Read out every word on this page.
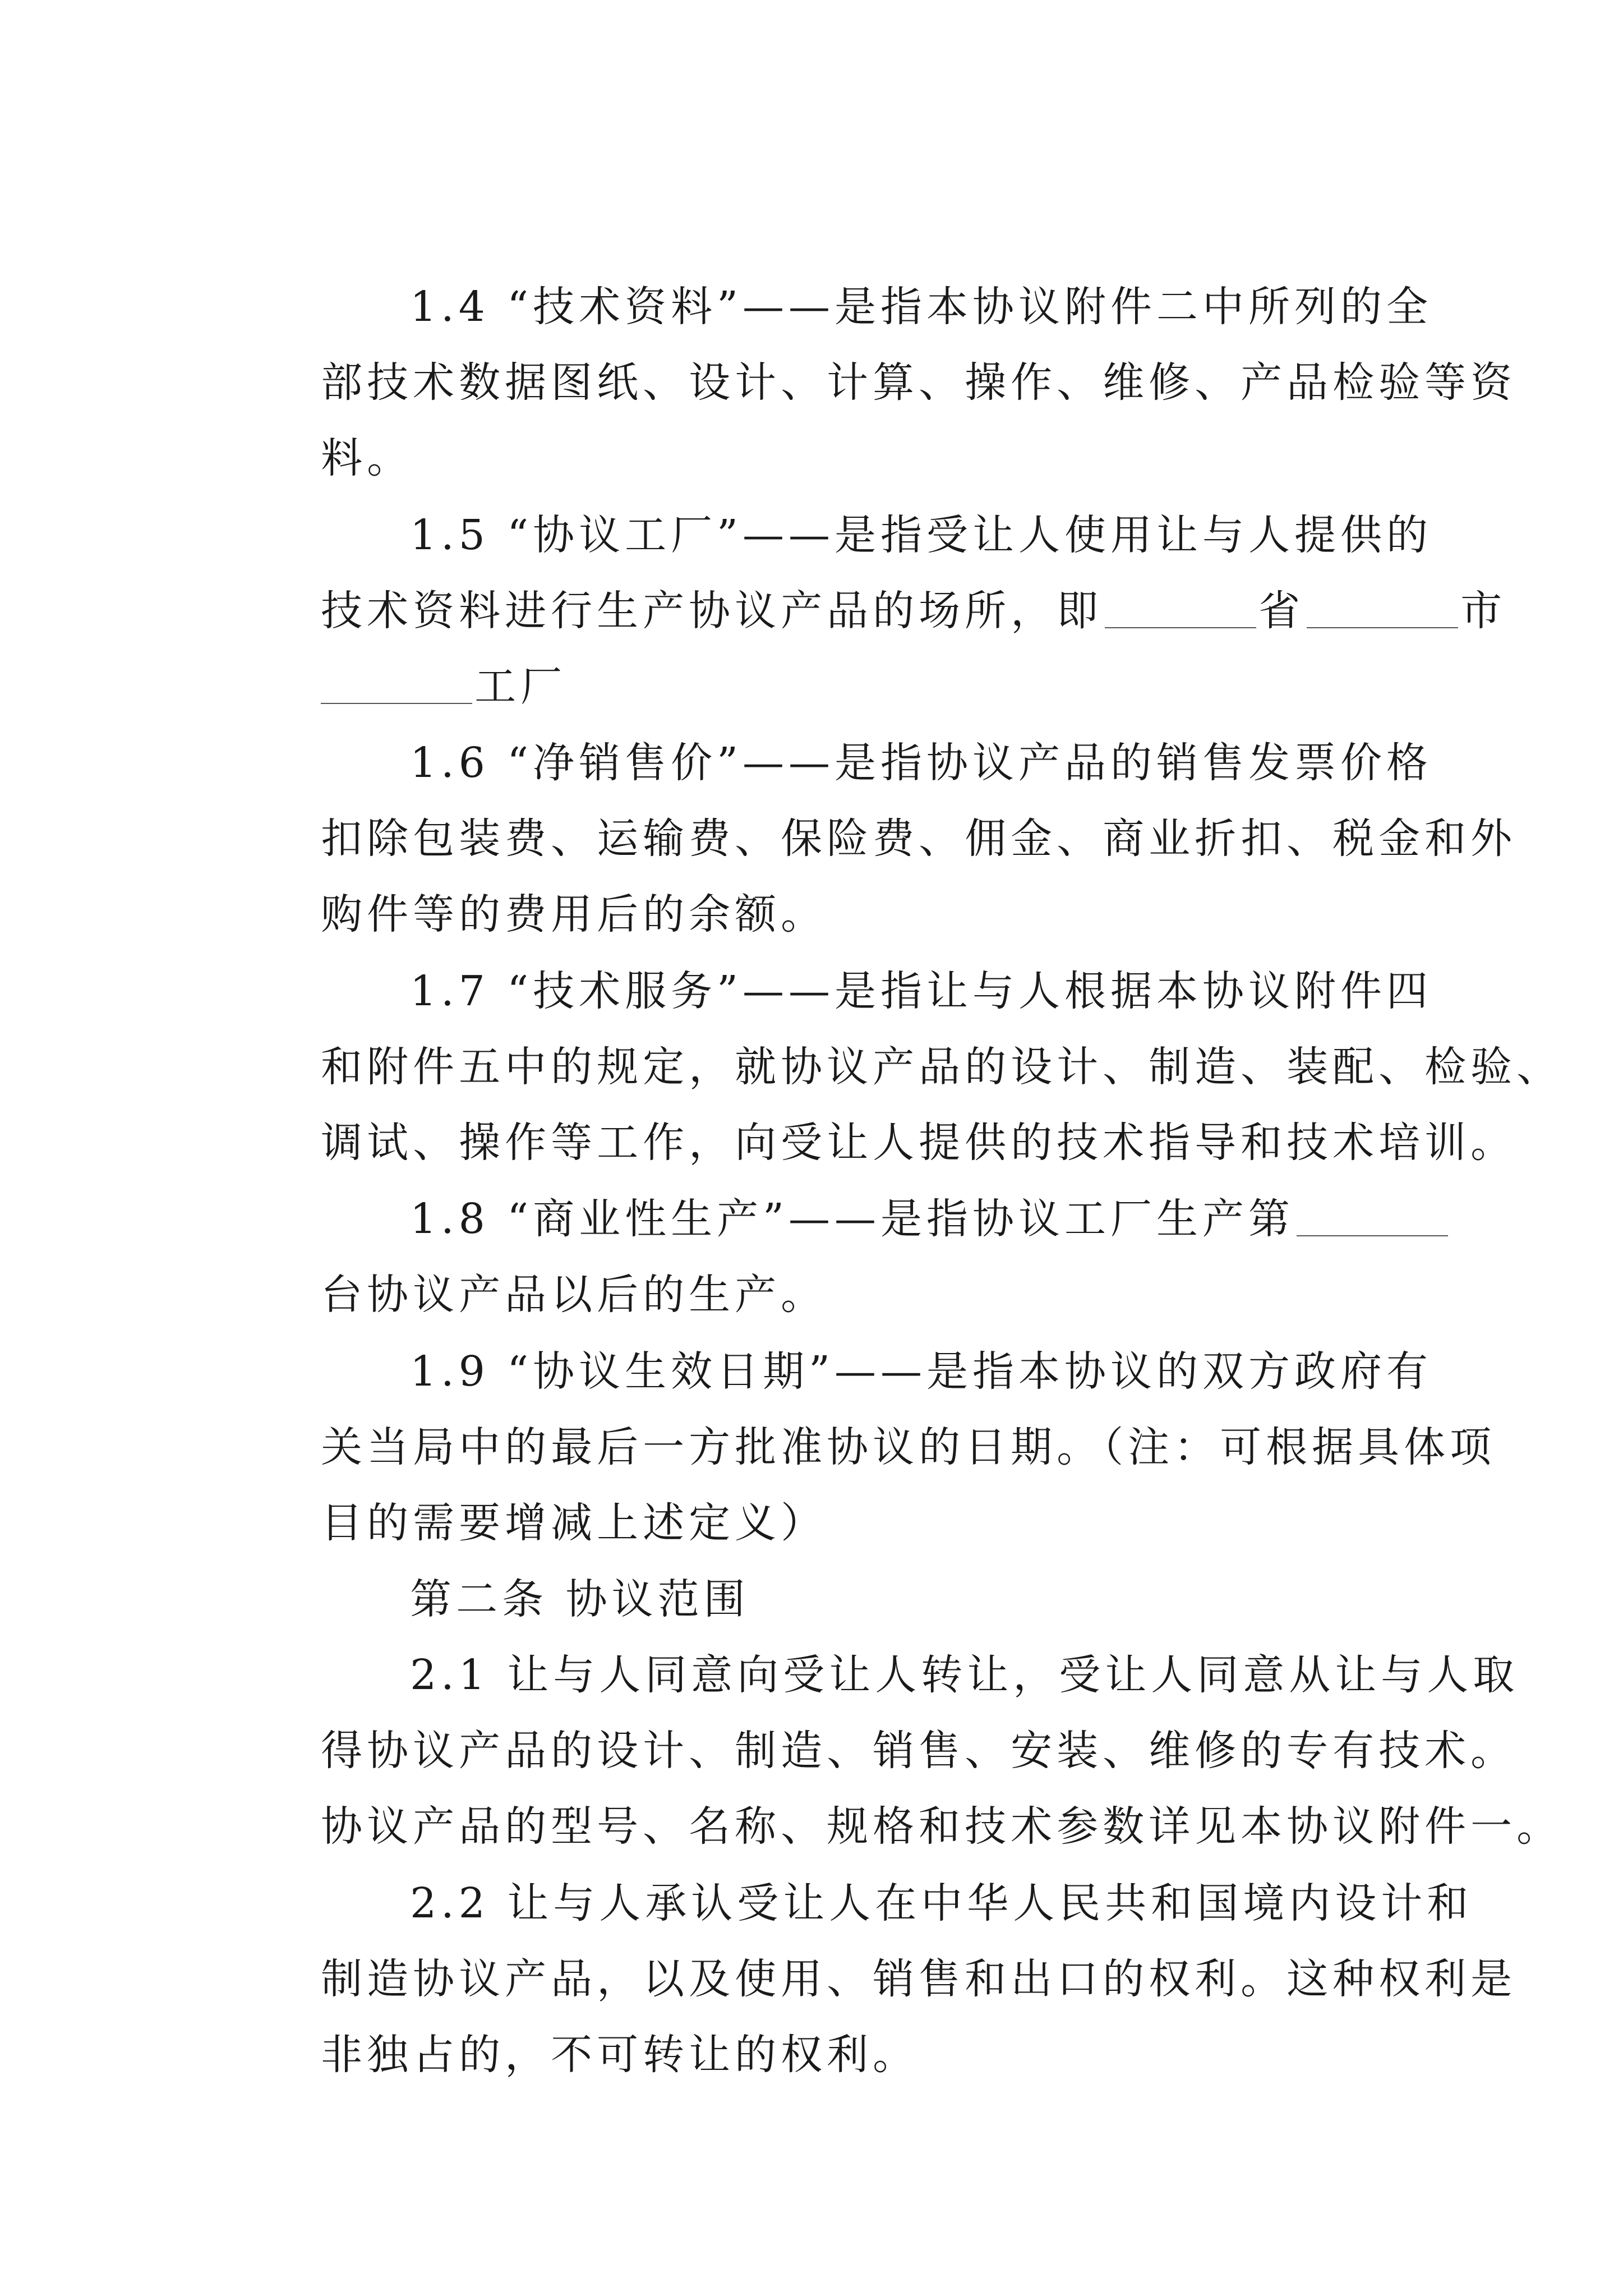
1.4 “技术资料”——是指本协议附件二中所列的全

部技术数据图纸、设计、计算、操作、维修、产品检验等资

料。

1.5 “协议工厂”——是指受让人使用让与人提供的

技术资料进行生产协议产品的场所，即	省	市

工厂

1.6 “净销售价”——是指协议产品的销售发票价格

扣除包装费、运输费、保险费、佣金、商业折扣、税金和外

购件等的费用后的余额。

1.7 “技术服务”——是指让与人根据本协议附件四

和附件五中的规定，就协议产品的设计、制造、装配、检验、

调试、操作等工作，向受让人提供的技术指导和技术培训。

1.8 “商业性生产”——是指协议工厂生产第

台协议产品以后的生产。

1.9 “协议生效日期”——是指本协议的双方政府有

关当局中的最后一方批准协议的日期。（注：可根据具体项

目的需要增减上述定义）

第二条 协议范围

2.1 让与人同意向受让人转让，受让人同意从让与人取

得协议产品的设计、制造、销售、安装、维修的专有技术。

协议产品的型号、名称、规格和技术参数详见本协议附件一。

2.2 让与人承认受让人在中华人民共和国境内设计和

制造协议产品，以及使用、销售和出口的权利。这种权利是

非独占的，不可转让的权利。
